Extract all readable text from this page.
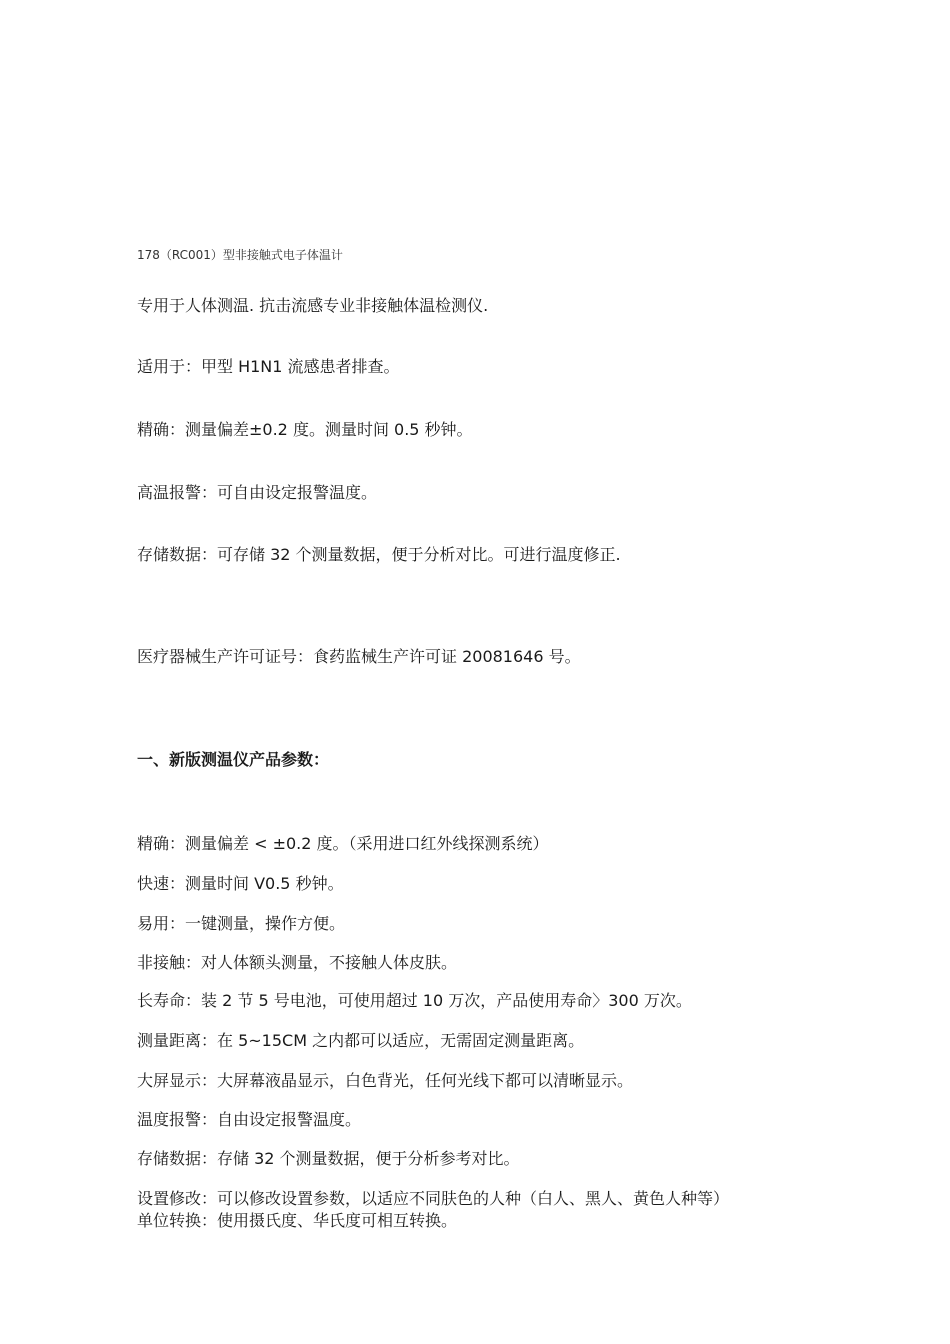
178（RC001）型非接触式电子体温计
专用于人体测温. 抗击流感专业非接触体温检测仪.
适用于：甲型 H1N1 流感患者排查。
精确：测量偏差±0.2 度。测量时间 0.5 秒钟。
高温报警：可自由设定报警温度。
存储数据：可存储 32 个测量数据，便于分析对比。可进行温度修正.
医疗器械生产许可证号：食药监械生产许可证 20081646 号。
一、新版测温仪产品参数：
精确：测量偏差 < ±0.2 度。（采用进口红外线探测系统）
快速：测量时间 V0.5 秒钟。
易用：一键测量，操作方便。
非接触：对人体额头测量，不接触人体皮肤。
长寿命：装 2 节 5 号电池，可使用超过 10 万次，产品使用寿命〉300 万次。
测量距离：在 5~15CM 之内都可以适应，无需固定测量距离。
大屏显示：大屏幕液晶显示，白色背光，任何光线下都可以清晰显示。
温度报警：自由设定报警温度。
存储数据：存储 32 个测量数据，便于分析参考对比。
设置修改：可以修改设置参数，以适应不同肤色的人种（白人、黑人、黄色人种等）
单位转换：使用摄氏度、华氏度可相互转换。
